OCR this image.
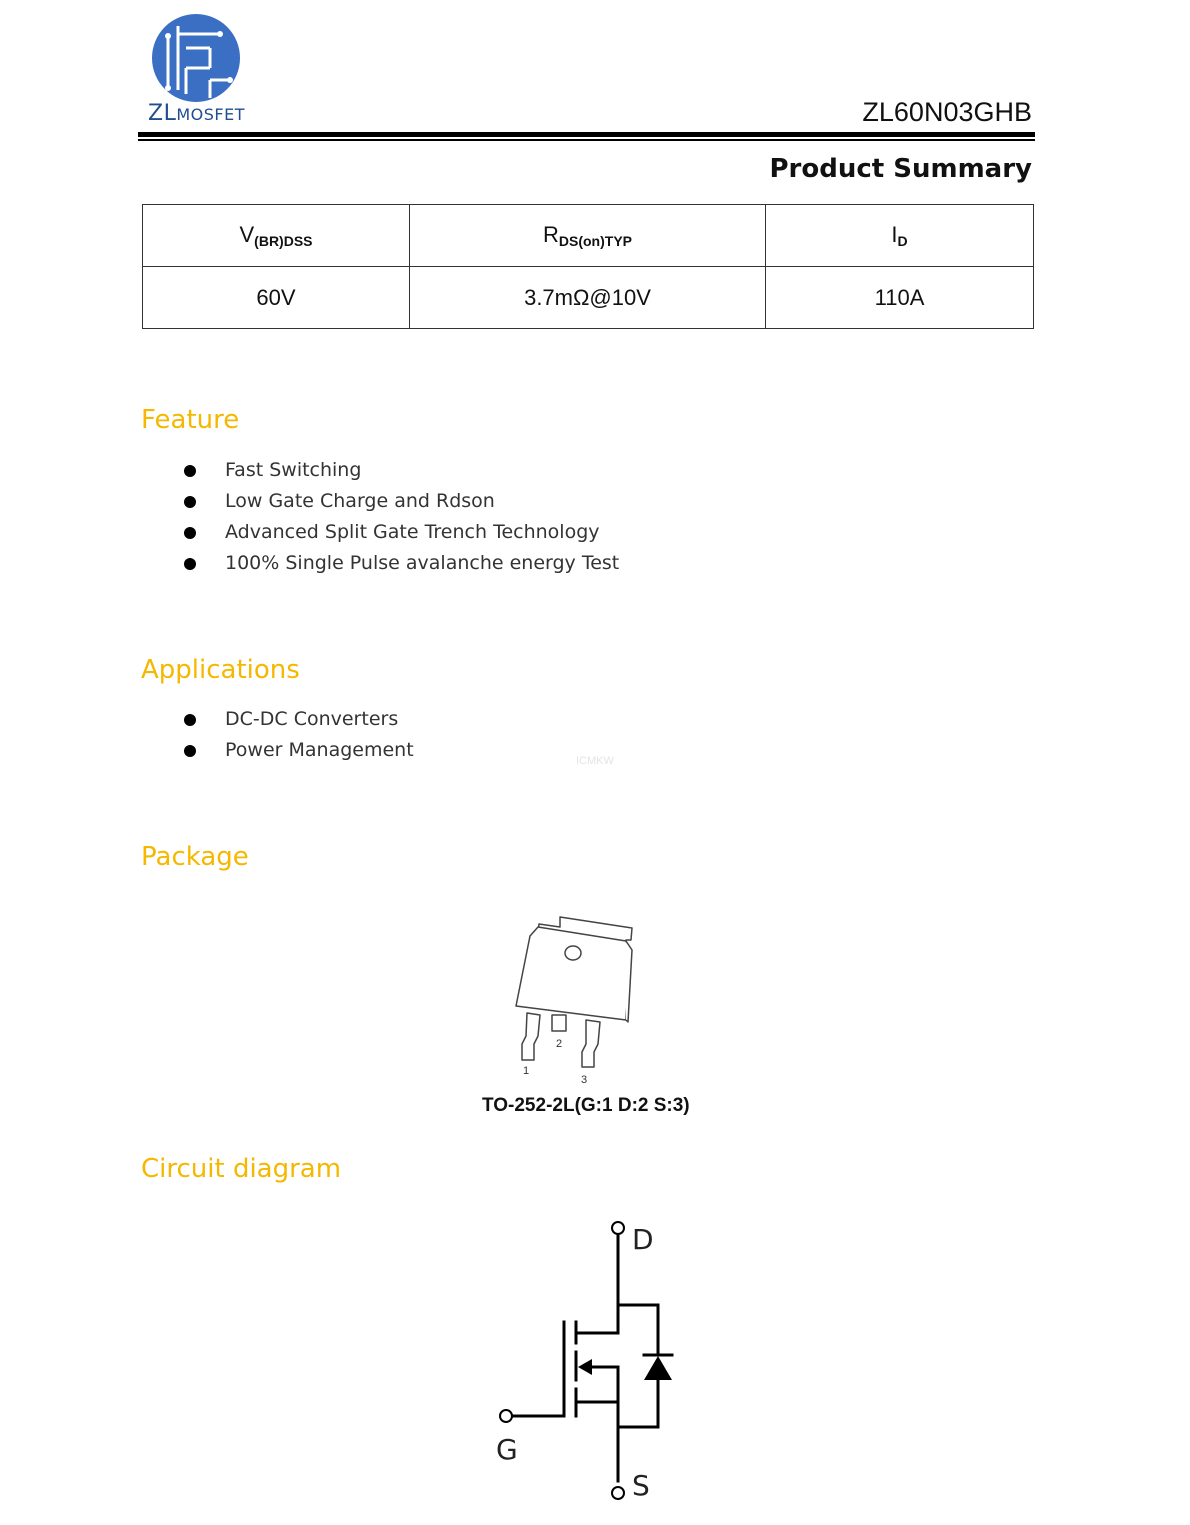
ZLMOSFET	ZL60N03GHB
Product Summary
$V_{(BR)DSS}$	$R_{DS(on)TYP}$	$I_D$
60V	3.7mΩ@10V	110A
Feature
Fast Switching
Low Gate Charge and Rdson
Advanced Split Gate Trench Technology
100% Single Pulse avalanche energy Test
Applications
DC-DC Converters
Power Management	ICMKW
Package
1
2
3
TO-252-2L(G:1 D:2 S:3)
Circuit diagram
D
G
S
